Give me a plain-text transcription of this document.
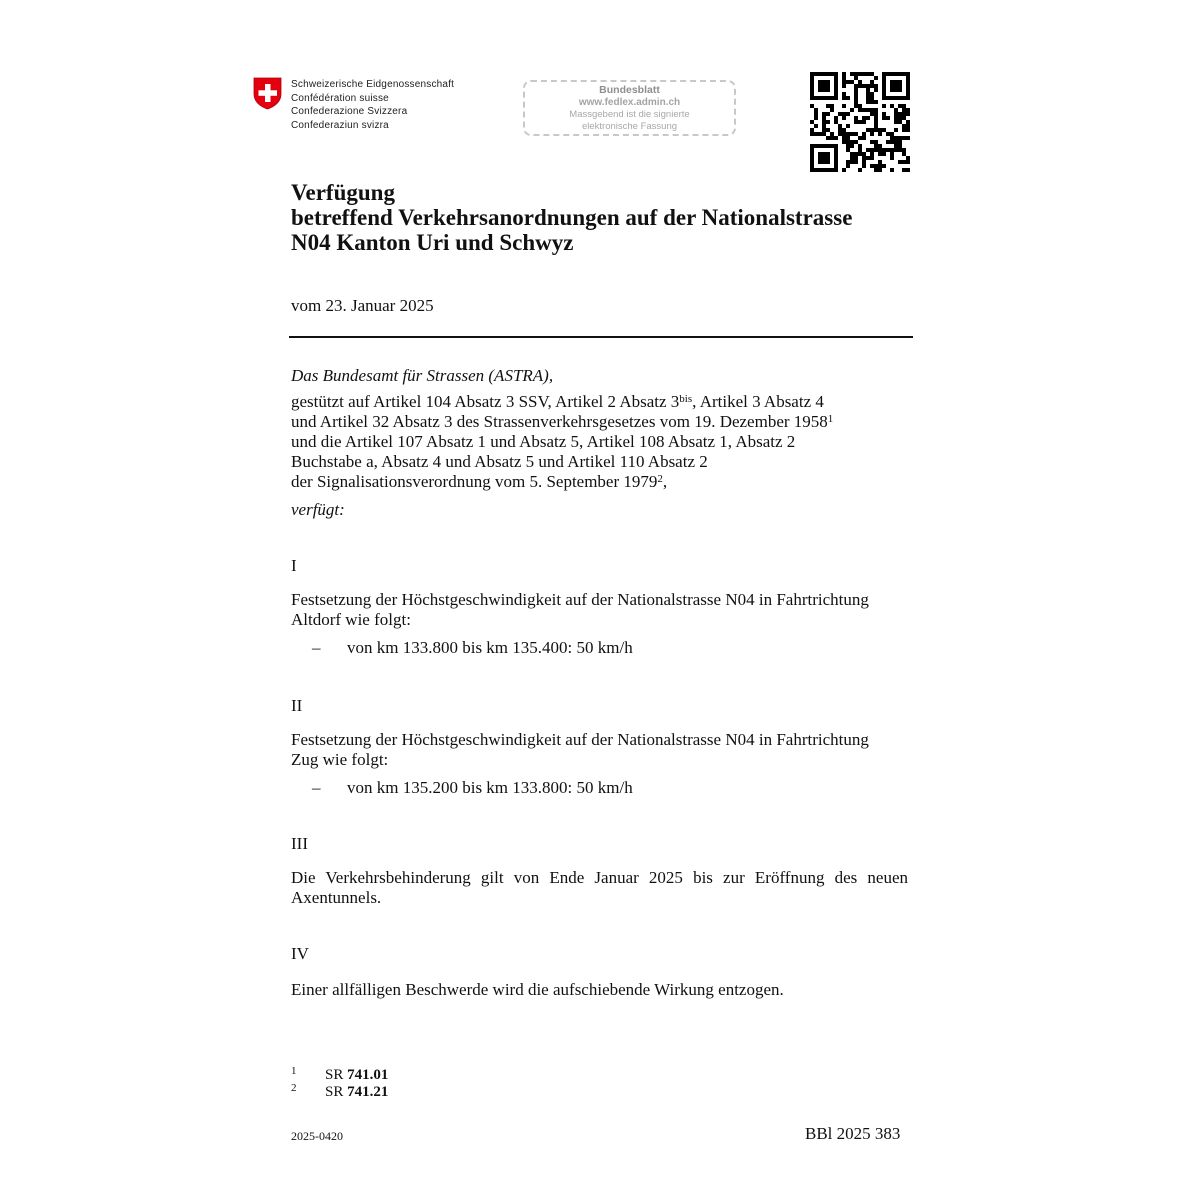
Schweizerische Eidgenossenschaft
Confédération suisse
Confederazione Svizzera
Confederaziun svizra
Bundesblatt
www.fedlex.admin.ch
Massgebend ist die signierte
elektronische Fassung
Verfügung
betreffend Verkehrsanordnungen auf der Nationalstrasse
N04 Kanton Uri und Schwyz
vom 23. Januar 2025
Das Bundesamt für Strassen (ASTRA),
gestützt auf Artikel 104 Absatz 3 SSV, Artikel 2 Absatz $3^{bis}$, Artikel 3 Absatz 4
und Artikel 32 Absatz 3 des Strassenverkehrsgesetzes vom 19. Dezember 1958$^1$
und die Artikel 107 Absatz 1 und Absatz 5, Artikel 108 Absatz 1, Absatz 2
Buchstabe a, Absatz 4 und Absatz 5 und Artikel 110 Absatz 2
der Signalisationsverordnung vom 5. September 1979$^2$,
verfügt:
I
Festsetzung der Höchstgeschwindigkeit auf der Nationalstrasse N04 in Fahrtrichtung
Altdorf wie folgt:
– von km 133.800 bis km 135.400: 50 km/h
II
Festsetzung der Höchstgeschwindigkeit auf der Nationalstrasse N04 in Fahrtrichtung
Zug wie folgt:
– von km 135.200 bis km 133.800: 50 km/h
III
Die Verkehrsbehinderung gilt von Ende Januar 2025 bis zur Eröffnung des neuen
Axentunnels.
IV
Einer allfälligen Beschwerde wird die aufschiebende Wirkung entzogen.
1 SR 741.01
2 SR 741.21
2025-0420	BBl 2025 383
